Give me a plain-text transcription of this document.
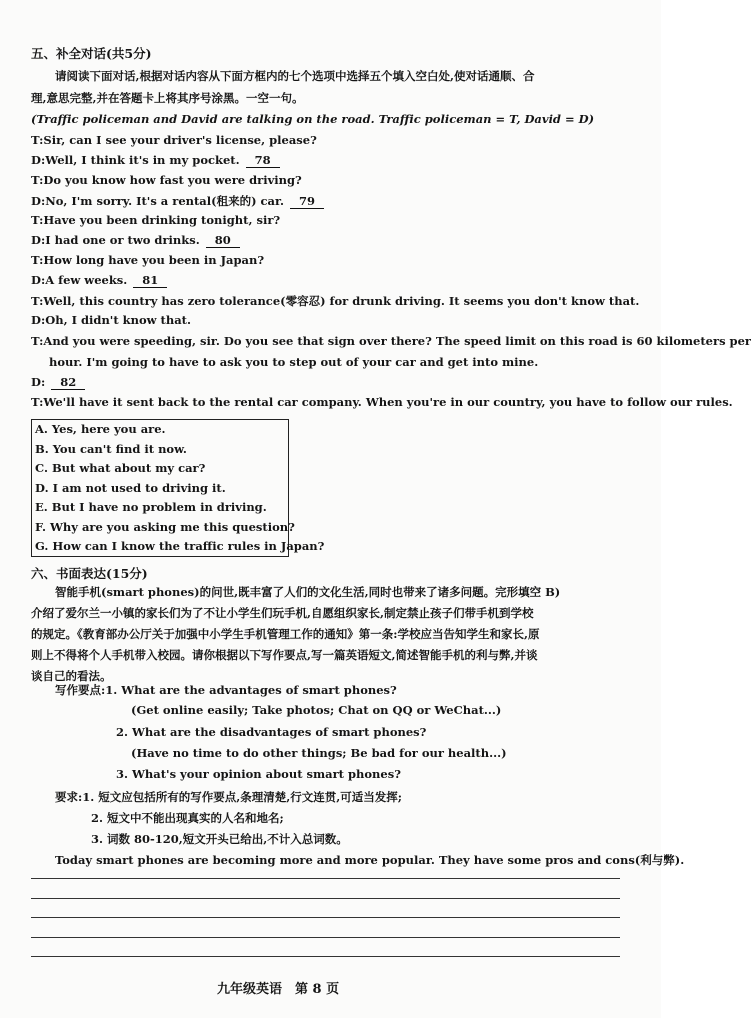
五、补全对话(共5分)
请阅读下面对话,根据对话内容从下面方框内的七个选项中选择五个填入空白处,使对话通顺、合
理,意思完整,并在答题卡上将其序号涂黑。一空一句。
(Traffic policeman and David are talking on the road. Traffic policeman = T, David = D)
T:Sir, can I see your driver's license, please?
D:Well, I think it's in my pocket. 78
T:Do you know how fast you were driving?
D:No, I'm sorry. It's a rental(租来的) car. 79
T:Have you been drinking tonight, sir?
D:I had one or two drinks. 80
T:How long have you been in Japan?
D:A few weeks. 81
T:Well, this country has zero tolerance(零容忍) for drunk driving. It seems you don't know that.
D:Oh, I didn't know that.
T:And you were speeding, sir. Do you see that sign over there? The speed limit on this road is 60 kilometers per
hour. I'm going to have to ask you to step out of your car and get into mine.
D: 82
T:We'll have it sent back to the rental car company. When you're in our country, you have to follow our rules.
A. Yes, here you are.
B. You can't find it now.
C. But what about my car?
D. I am not used to driving it.
E. But I have no problem in driving.
F. Why are you asking me this question?
G. How can I know the traffic rules in Japan?
六、书面表达(15分)
智能手机(smart phones)的问世,既丰富了人们的文化生活,同时也带来了诸多问题。完形填空 B)
介绍了爱尔兰一小镇的家长们为了不让小学生们玩手机,自愿组织家长,制定禁止孩子们带手机到学校
的规定。《教育部办公厅关于加强中小学生手机管理工作的通知》第一条:学校应当告知学生和家长,原
则上不得将个人手机带入校园。请你根据以下写作要点,写一篇英语短文,简述智能手机的利与弊,并谈
谈自己的看法。
写作要点:1. What are the advantages of smart phones?
(Get online easily; Take photos; Chat on QQ or WeChat...)
2. What are the disadvantages of smart phones?
(Have no time to do other things; Be bad for our health...)
3. What's your opinion about smart phones?
要求:1. 短文应包括所有的写作要点,条理清楚,行文连贯,可适当发挥;
2. 短文中不能出现真实的人名和地名;
3. 词数 80-120,短文开头已给出,不计入总词数。
Today smart phones are becoming more and more popular. They have some pros and cons(利与弊).
九年级英语　第 8 页
